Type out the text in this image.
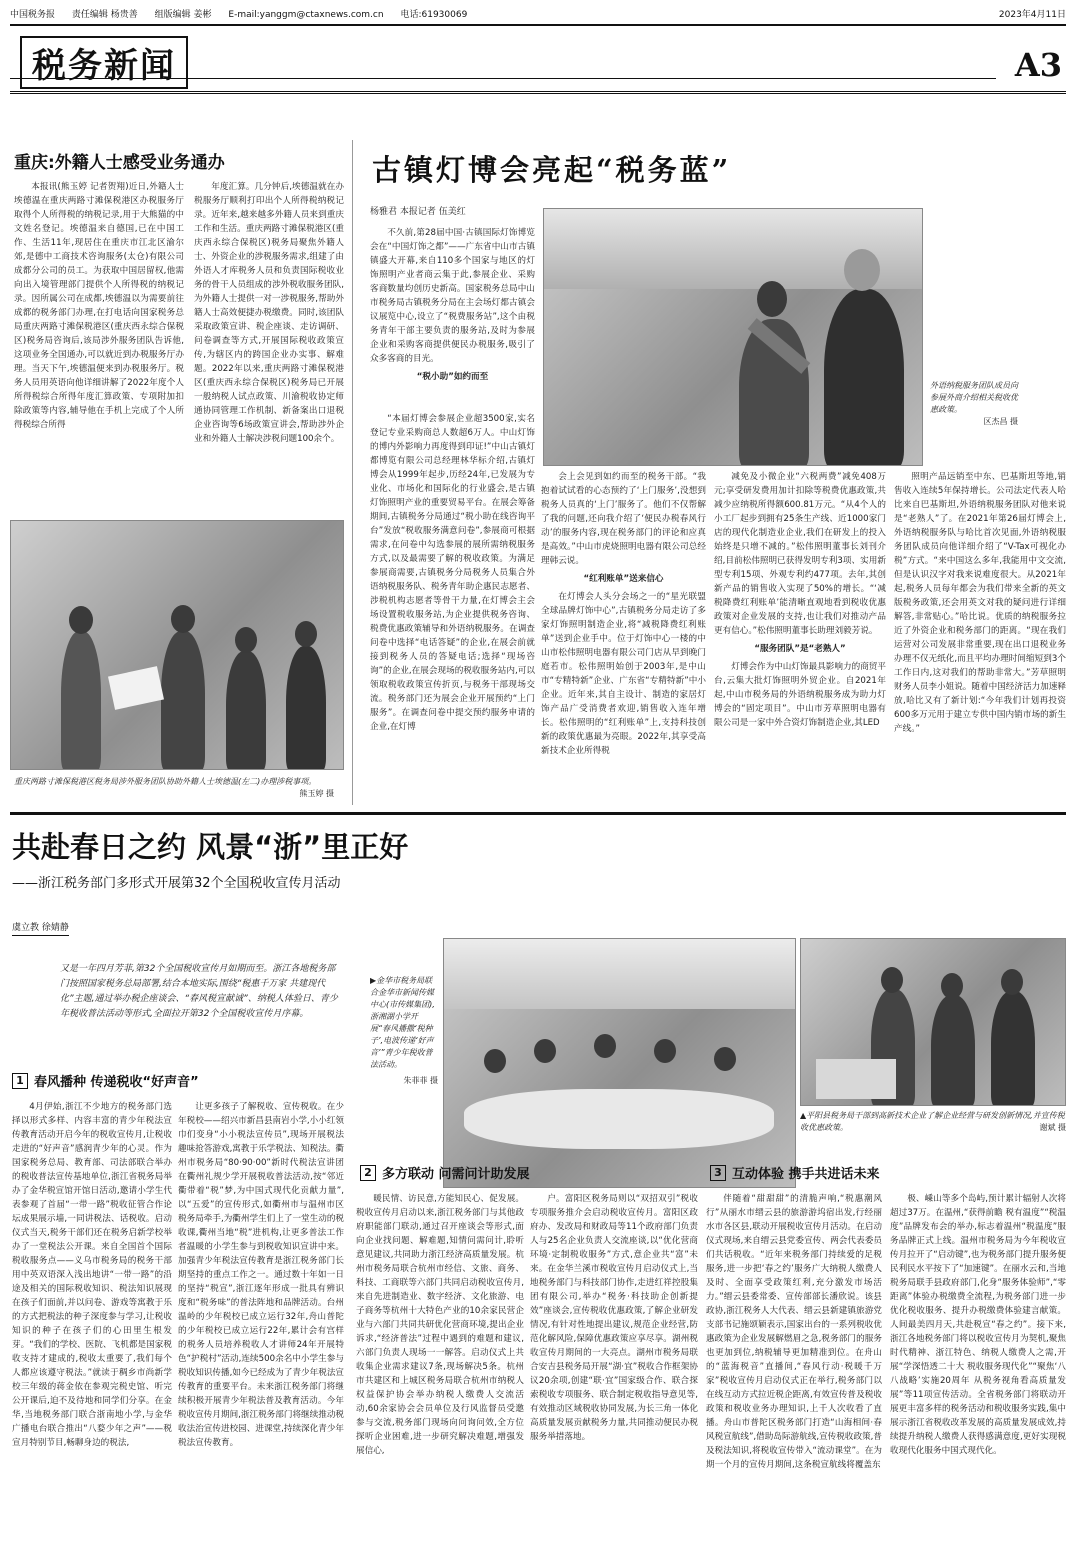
中国税务报 责任编辑 杨贵善 组版编辑 姜彬 E-mail:yanggm@ctaxnews.com.cn 电话:61930069	2023年4月11日
税务新闻	A3
重庆:外籍人士感受业务通办

本报讯(熊玉婷 记者贺翔)近日,外籍人士埃德温在重庆两路寸滩保税港区办税服务厅取得个人所得税的纳税记录,用于大熊猫的中文姓名登记。埃德温来自德国,已在中国工作、生活11年,现居住在重庆市江北区渝尔郊,是德中工商技术咨询服务(太仓)有限公司成都分公司的员工。为获取中国居留权,他需向出入境管理部门提供个人所得税的纳税记录。因所属公司在成都,埃德温以为需要前往成都的税务部门办理,在打电话向国家税务总局重庆两路寸滩保税港区(重庆西永综合保税区)税务局咨询后,该局涉外服务团队告诉他,这项业务全国通办,可以就近到办税服务厅办理。当天下午,埃德温便来到办税服务厅。税务人员用英语向他详细讲解了2022年度个人所得税综合所得年度汇算政策、专项附加扣除政策等内容,辅导他在手机上完成了个人所得税综合所得

年度汇算。几分钟后,埃德温就在办税服务厅顺利打印出个人所得税纳税记录。近年来,越来越多外籍人员来到重庆工作和生活。重庆两路寸滩保税港区(重庆西永综合保税区)税务局聚焦外籍人士、外资企业的涉税服务需求,组建了由外语人才库税务人员和负责国际税收业务的骨干人员组成的涉外税收服务团队,为外籍人士提供一对一涉税服务,帮助外籍人士高效便捷办税缴费。同时,该团队采取政策宣讲、税企座谈、走访调研、问卷调查等方式,开展国际税收政策宣传,为辖区内的跨国企业办实事、解难题。2022年以来,重庆两路寸滩保税港区(重庆西永综合保税区)税务局已开展一般纳税人试点政策、川渝税收协定师通协同管理工作机制、新备案出口退税企业咨询等6场政策宣讲会,帮助涉外企业和外籍人士解决涉税问题100余个。

重庆两路寸滩保税港区税务局涉外服务团队协助外籍人士埃德温(左二)办理涉税事项。
熊玉婷 摄
古镇灯博会亮起“税务蓝”
杨雅君 本报记者 伍美红

不久前,第28届中国·古镇国际灯饰博览会在“中国灯饰之都”——广东省中山市古镇镇盛大开幕,来自110多个国家与地区的灯饰照明产业者商云集于此,参展企业、采购客商数量均创历史新高。国家税务总局中山市税务局古镇税务分局在主会场灯都古镇会议展览中心,设立了“税费服务站”,这个由税务青年干部主要负责的服务站,及时为参展企业和采购客商提供便民办税服务,吸引了众多客商的目光。

“税小助”如约而至

“本届灯博会参展企业超3500家,实名登记专业采购商总人数超6万人。中山灯饰的博内外影响力再度得到印证!”中山古镇灯都博览有限公司总经理林华标介绍,古镇灯博会从1999年起步,历经24年,已发展为专业化、市场化和国际化的行业盛会,是古镇灯饰照明产业的重要贸易平台。在展会筹备期间,古镇税务分局通过“税小助在线咨询平台”发放“税收服务满意问卷”,参展商可根据需求,在问卷中勾选参展的展所需纳税服务方式,以及最需要了解的税收政策。为满足参展商需要,古镇税务分局税务人员集合外语纳税服务队、税务青年助企惠民志愿者、涉税机构志愿者等骨干力量,在灯博会主会场设置税收服务站,为企业提供税务咨询、税费优惠政策辅导和外语纳税服务。在调查问卷中选择“电话答疑”的企业,在展会前就接到税务人员的答疑电话;选择“现场咨询”的企业,在展会现场的税收服务站内,可以领取税收政策宣传折页,与税务干部现场交流。税务部门还为展会企业开展预约“上门服务”。在调查问卷中提交预约服务申请的企业,在灯博

外语纳税服务团队成员向参展外商介绍相关税收优惠政策。
区杰昌 摄

会上会见到如约而至的税务干部。“我抱着试试看的心态预约了‘上门服务’,没想到税务人员真的‘上门’服务了。他们不仅帮解了我的问题,还向我介绍了‘便民办税春风行动’的服务内容,现在税务部门的评论和应真是高效。”中山市虎烧照明电器有限公司总经理韩云说。

“红利账单”送来信心

在灯博会人头分会场之一的“星光联盟全球品牌灯饰中心”,古镇税务分局走访了多家灯饰照明制造企业,将“减税降费红利账单”送到企业手中。位于灯饰中心一楼的中山市松伟照明电器有限公司门店从早到晚门庭若市。松伟照明始创于2003年,是中山市“专精特新”企业、广东省“专精特新”中小企业。近年来,其自主设计、制造的家居灯饰产品广受消费者欢迎,销售收入连年增长。松伟照明的“红利账单”上,支持科技创新的政策优惠最为亮眼。2022年,其享受高新技术企业所得税

减免及小微企业“六税两费”减免408万元;享受研发费用加计扣除等税费优惠政策,共减少应纳税所得额600.81万元。“从4个人的小工厂起步到拥有25条生产线、近1000家门店的现代化制造业企业,我们在研发上的投入始终是只增不减的。”松伟照明董事长刘刊介绍,目前松伟照明已获得发明专利3项、实用新型专利15项、外观专利约477项。去年,其创新产品的销售收入实现了50%的增长。“‘减税降费红利账单’能清晰直观地看到税收优惠政策对企业发展的支持,也让我们对推动产品更有信心。”松伟照明董事长助理刘毅芳说。

“服务团队”是“老熟人”

灯博会作为中山灯饰最具影响力的商贸平台,云集大批灯饰照明外贸企业。自2021年起,中山市税务局的外语纳税服务成为助力灯博会的“固定项目”。中山市芳草照明电器有限公司是一家中外合资灯饰制造企业,其LED

照明产品远销至中东、巴基斯坦等地,销售收入连续5年保持增长。公司法定代表人哈比来自巴基斯坦,外语纳税服务团队对他来说是“老熟人”了。在2021年第26届灯博会上,外语纳税服务队与哈比首次见面,外语纳税服务团队成员向他详细介绍了“V-Tax可视化办税”方式。“来中国这么多年,我能用中文交流,但是认识汉字对我来说难度很大。从2021年起,税务人员每年都会为我们带来全新的英文版税务政策,还会用英文对我的疑问进行详细解答,非常贴心。”哈比说。优质的纳税服务拉近了外资企业和税务部门的距离。“现在我们运营对公司发展非常重要,现在出口退税业务办理不仅无纸化,而且平均办理时间缩短到3个工作日内,这对我们的帮助非常大。”芳草照明财务人员李小姐说。随着中国经济活力加速释放,哈比又有了新计划:“今年我们计划再投资600多万元用于建立专供中国内销市场的新生产线。”

共赴春日之约 风景“浙”里正好
——浙江税务部门多形式开展第32个全国税收宣传月活动
虞立教 徐婧静
又是一年四月芳菲,第32个全国税收宣传月如期而至。浙江各地税务部门按照国家税务总局部署,结合本地实际,围绕“税惠千万家 共建现代化”主题,通过举办税企座谈会、“春风税宣献诚”、纳税人体验日、青少年税收普法活动等形式,全面拉开第32个全国税收宣传月序幕。
1 春风播种 传递税收“好声音”

4月伊始,浙江不少地方的税务部门选择以形式多样、内容丰富的青少年税法宣传教育活动开启今年的税收宣传月,让税收走进的“好声音”感润青少年的心灵。作为国家税务总局、教育部、司法部联合举办的税收普法宣传基地单位,浙江省税务局举办了金华税宣馆开馆日活动,邀请小学生代表参观了首届“一带一路”税收征管合作论坛成果展示墙,一同讲税法、话税收。启动仪式当天,税务干部们还在税务启新学校举办了一堂税法公开课。来自全国首个国际税收服务点——义乌市税务局的税务干部用中英双语深入浅出地讲“一带一路”的沿途及相关的国际税收知识、税法知识展现在孩子们面前,并以问卷、游戏等寓教于乐的方式把税法的种子深度参与学习,让税收知识的种子在孩子们的心田里生根发芽。“我们的学校、医院、飞机都是国家税收支持才建成的,税收太重要了,我们每个人都应该遵守税法。”就读于稠乡市尚新学校三年级的蒋金依在参观完税史馆、听完公开课后,迫不及待地和同学们分享。在金华,当地税务部门联合浙南地小学,与金华广播电台联合推出“八婺少年之声”——税宣月特别节目,畅聊身边的税法,

让更多孩子了解税收、宣传税收。在少年税校——绍兴市新昌县南岩小学,小小红领巾们变身“小小税法宣传员”,现场开展税法趣味抢答游戏,寓教于乐学税法、知税法。衢州市税务局“80·90·00”新时代税法宣讲团在衢州礼规少学开展税收普法活动,按“邻近衢带着“税”梦,为中国式现代化贡献力量”,以“五爱”的宣传形式,如衢州市与温州市区税务局牵手,为衢州学生们上了一堂生动的税收课,衢州当地“税”进机构,让更多普法工作者温暖的小学生参与到税收知识宣讲中来。加强青少年税法宣传教育是浙江税务部门长期坚持的重点工作之一。通过数十年如一日的坚持“税宣”,浙江逐年形成一批具有辨识度和“税务味”的普法阵地和品牌活动。台州温岭的少年税校已成立运行32年,舟山普陀的少年税校已成立运行22年,累计会有宫样的税务人员培养税收人才讲师24年开展特色“护税村”活动,连续500余名中小学生参与税收知识传播,如今已经成为了青少年税法宣传教育的重要平台。未来浙江税务部门将继续积极开展青少年税法普及教育活动。今年税收宣传月期间,浙江税务部门将继续推动税收法治宣传进校园、进课堂,持续深化青少年税法宣传教育。

▶金华市税务局联合金华市新闻传媒中心(市传媒集团),浙湘湖小学开展“春风播撒‘税种子’,电波传递‘好声音’”青少年税收普法活动。
朱菲菲 摄
▲平阳县税务局干部到高新技术企业了解企业经营与研发创新情况,并宣传税收优惠政策。	谢斌 摄
2 多方联动 问需问计助发展

暖民情、访民意,方能知民心、促发展。税收宣传月启动以来,浙江税务部门与其他政府职能部门联动,通过召开座谈会等形式,面向企业找问题、解难题,知情问需问计,聆听意见建议,共同助力浙江经济高质量发展。杭州市税务局联合杭州市经信、文旅、商务、科技、工商联等六部门共同启动税收宣传月,来自先进制造业、数字经济、文化旅游、电子商务等杭州十大特色产业的10余家民营企业与六部门共同共研优化营商环境,提出企业诉求,“经济普法”过程中遇到的难题和建议,六部门负责人现场一一解答。启动仪式上共收集企业需求建议7条,现场解决5条。杭州市共建区和上城区税务局联合杭州市纳税人权益保护协会举办纳税人缴费人交流活动,60余家协会会员单位及行风监督员受邀参与交流,税务部门现场向问询问效,全方位探听企业困难,进一步研究解决难题,增强发展信心,

户。富阳区税务局则以“双招双引”税收专项服务推介会启动税收宣传月。富阳区政府办、发改局和财政局等11个政府部门负责人与25名企业负责人交流座谈,以“优化营商环境·定制税收服务”方式,意企业共“富”未来。在金华兰溪市税收宣传月启动仪式上,当地税务部门与科技部门协作,走进红祥控股集团有限公司,举办“税务·科技助企创新提效”座谈会,宣传税收优惠政策,了解企业研发情况,有针对性地提出建议,规范企业经营,防范化解风险,保障优惠政策应享尽享。湖州税收宣传月期间的一大亮点。湖州市税务局联合安吉县税务局开展“湖·宜”税收合作框架协议20余项,创建“联·宜”国家级合作、联合探索税收专项服务、联合制定税收指导意见等,有效推动区域税收协同发展,为长三角一体化高质量发展贡献税务力量,共同推动便民办税服务举措落地。

3 互动体验 携手共进话未来

伴随着“甜甜甜”的清脆声响,“税惠潮风行”从丽水市缙云县的旅游游坞宿出发,行经丽水市各区县,联动开展税收宣传月活动。在启动仪式现场,来自缙云县党委宣传、两会代表委员们共话税收。“近年来税务部门持续爱的足税服务,进一步把‘春之约’服务广大纳税人缴费人及时、全面享受政策红利,充分激发市场活力。”缙云县委常委、宣传部部长潘欣说。该县政协,浙江税务人大代表、缙云县新建镇旅游党支部书记施颂颖表示,国家出台的一系列税收优惠政策为企业发展解燃眉之急,税务部门的服务也更加到位,纳税辅导更加精准到位。在舟山的“蓝海税音”直播间,“春风行动·税暖千万家”税收宣传月启动仪式正在举行,税务部门以在线互动方式拉近税企距离,有效宣传普及税收政策和税收业务办理知识,上千人次收看了直播。舟山市普陀区税务部门打造“山海相间·春风税宣航线”,借助岛际游航线,宣传税收政策,普及税法知识,将税收宣传带入“流动课堂”。在为期一个月的宣传月期间,这条税宣航线将覆盖东

极、嵊山等多个岛屿,预计累计辐射人次将超过37万。在温州,“获得前瞻 税有温度”“税温度”品牌发布会的举办,标志着温州“税温度”服务品牌正式上线。温州市税务局为今年税收宣传月拉开了“启动键”,也为税务部门提升服务便民利民水平按下了“加速键”。在丽水云和,当地税务局联手县政府部门,化身“服务体验师”,“零距离”体验办税缴费全流程,为税务部门进一步优化税收服务、提升办税缴费体验建言献策。人间最美四月天,共赴税宣“春之约”。接下来,浙江各地税务部门将以税收宣传月为契机,聚焦时代精神、浙江特色、纳税人缴费人之需,开展“学深悟透二十大 税收服务现代化”“聚焦‘八八战略’实施20周年 从税务视角看高质量发展”等11项宣传活动。全省税务部门将联动开展更丰富多样的税务活动和税收服务实践,集中展示浙江省税收改革发展的高质量发展成效,持续提升纳税人缴费人获得感满意度,更好实现税收现代化服务中国式现代化。
